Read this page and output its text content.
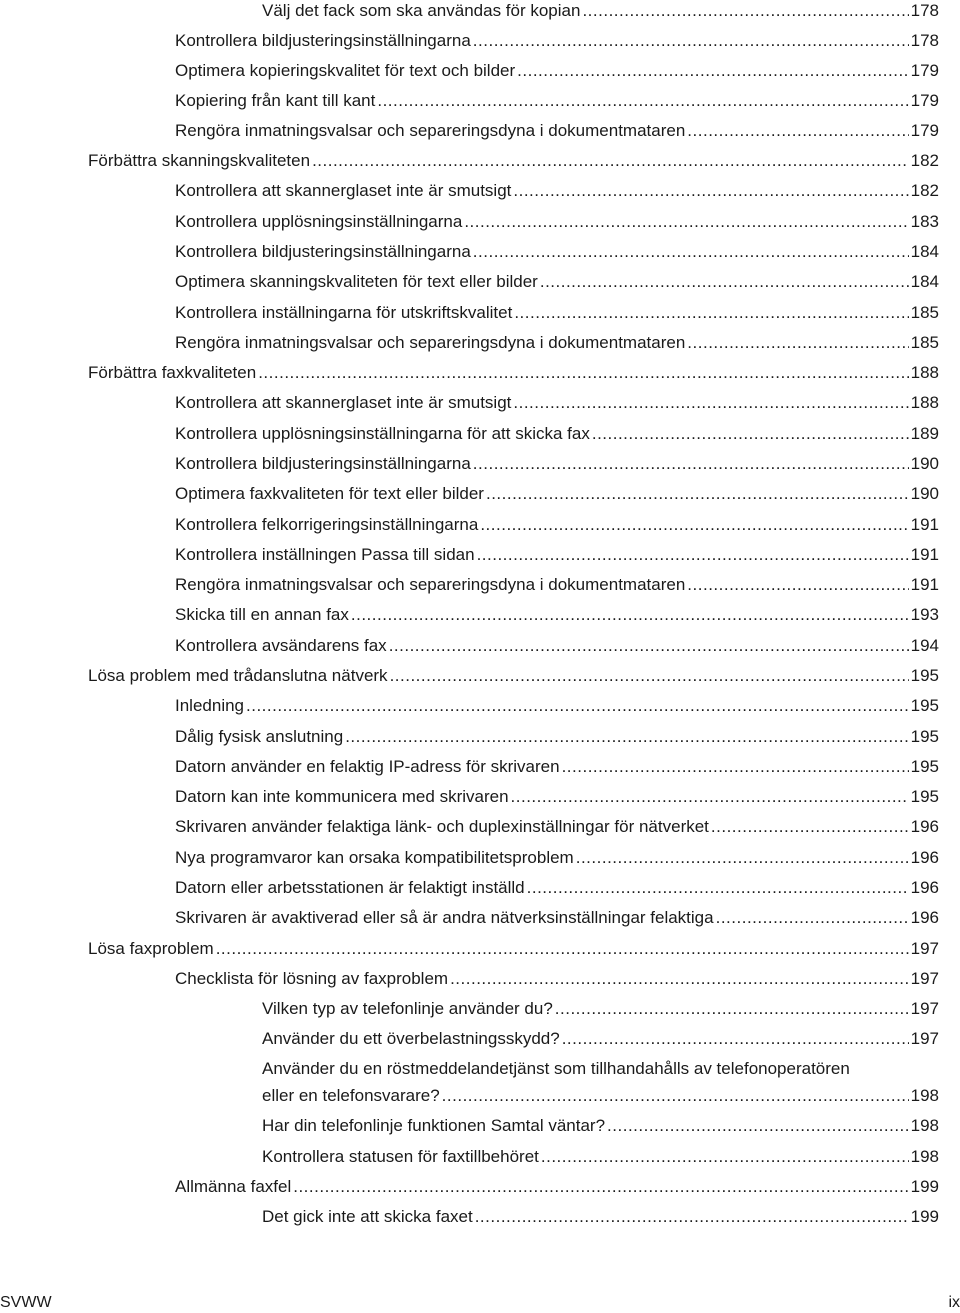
Välj det fack som ska användas för kopian .....	178
Kontrollera bildjusteringsinställningarna .....	178
Optimera kopieringskvalitet för text och bilder .....	179
Kopiering från kant till kant .....	179
Rengöra inmatningsvalsar och separeringsdyna i dokumentmataren .....	179
Förbättra skanningskvaliteten .....	182
Kontrollera att skannerglaset inte är smutsigt .....	182
Kontrollera upplösningsinställningarna .....	183
Kontrollera bildjusteringsinställningarna .....	184
Optimera skanningskvaliteten för text eller bilder .....	184
Kontrollera inställningarna för utskriftskvalitet .....	185
Rengöra inmatningsvalsar och separeringsdyna i dokumentmataren .....	185
Förbättra faxkvaliteten .....	188
Kontrollera att skannerglaset inte är smutsigt .....	188
Kontrollera upplösningsinställningarna för att skicka fax .....	189
Kontrollera bildjusteringsinställningarna .....	190
Optimera faxkvaliteten för text eller bilder .....	190
Kontrollera felkorrigeringsinställningarna .....	191
Kontrollera inställningen Passa till sidan .....	191
Rengöra inmatningsvalsar och separeringsdyna i dokumentmataren .....	191
Skicka till en annan fax .....	193
Kontrollera avsändarens fax .....	194
Lösa problem med trådanslutna nätverk .....	195
Inledning .....	195
Dålig fysisk anslutning .....	195
Datorn använder en felaktig IP-adress för skrivaren .....	195
Datorn kan inte kommunicera med skrivaren .....	195
Skrivaren använder felaktiga länk- och duplexinställningar för nätverket .....	196
Nya programvaror kan orsaka kompatibilitetsproblem .....	196
Datorn eller arbetsstationen är felaktigt inställd .....	196
Skrivaren är avaktiverad eller så är andra nätverksinställningar felaktiga .....	196
Lösa faxproblem .....	197
Checklista för lösning av faxproblem .....	197
Vilken typ av telefonlinje använder du? .....	197
Använder du ett överbelastningsskydd? .....	197
Använder du en röstmeddelandetjänst som tillhandahålls av telefonoperatören
eller en telefonsvarare? .....	198
Har din telefonlinje funktionen Samtal väntar? .....	198
Kontrollera statusen för faxtillbehöret .....	198
Allmänna faxfel .....	199
Det gick inte att skicka faxet .....	199
SVWW	ix
